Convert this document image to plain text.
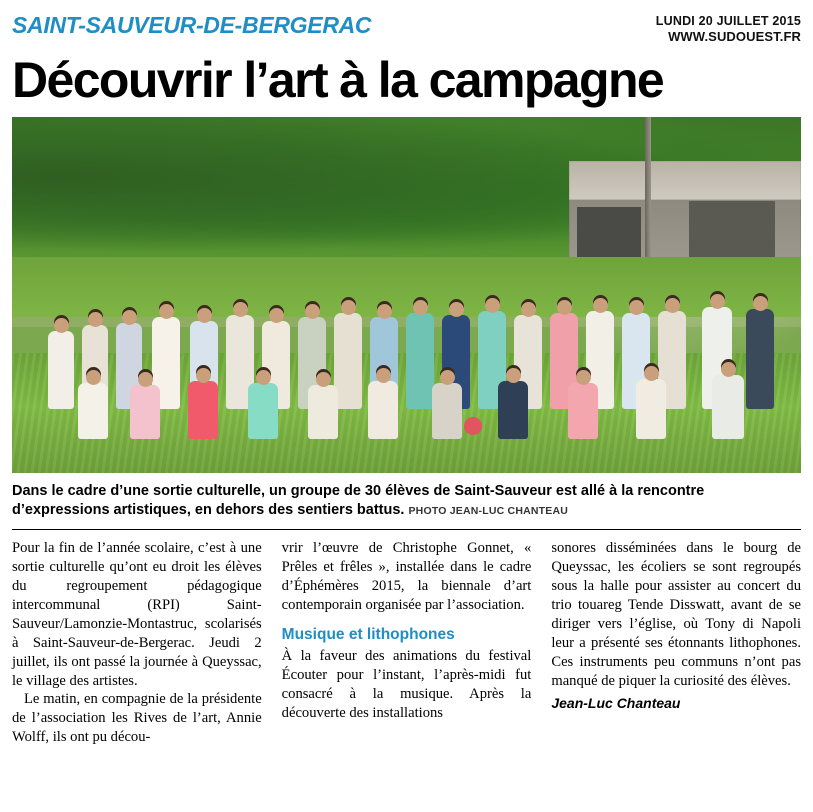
SAINT-SAUVEUR-DE-BERGERAC	LUNDI 20 JUILLET 2015
WWW.SUDOUEST.FR
Découvrir l’art à la campagne
Dans le cadre d’une sortie culturelle, un groupe de 30 élèves de Saint-Sauveur est allé à la rencontre d’expressions artistiques, en dehors des sentiers battus. PHOTO JEAN-LUC CHANTEAU

Pour la fin de l’année scolaire, c’est à une sortie culturelle qu’ont eu droit les élèves du regroupement pédagogique intercommunal (RPI) Saint-Sauveur/Lamonzie-Montastruc, scolarisés à Saint-Sauveur-de-Bergerac. Jeudi 2 juillet, ils ont passé la journée à Queyssac, le village des artistes.

Le matin, en compagnie de la présidente de l’association les Rives de l’art, Annie Wolff, ils ont pu décou-

vrir l’œuvre de Christophe Gonnet, « Prêles et frêles », installée dans le cadre d’Éphémères 2015, la biennale d’art contemporain organisée par l’association.

Musique et lithophones

À la faveur des animations du festival Écouter pour l’instant, l’après-midi fut consacré à la musique. Après la découverte des installations

sonores disséminées dans le bourg de Queyssac, les écoliers se sont regroupés sous la halle pour assister au concert du trio touareg Tende Disswatt, avant de se diriger vers l’église, où Tony di Napoli leur a présenté ses étonnants lithophones. Ces instruments peu communs n’ont pas manqué de piquer la curiosité des élèves.

Jean-Luc Chanteau
